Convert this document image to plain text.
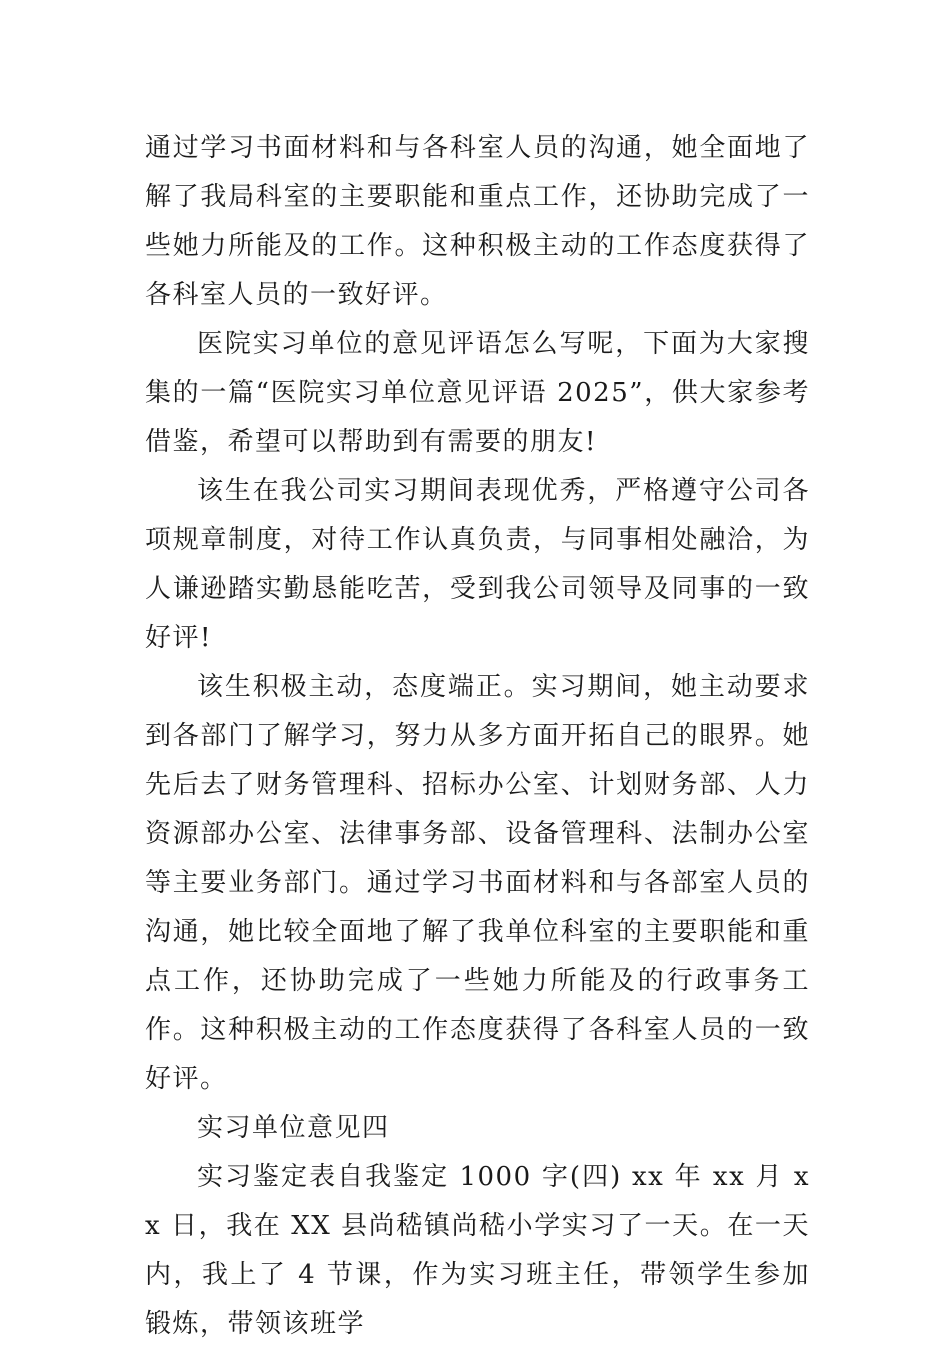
通过学习书面材料和与各科室人员的沟通，她全面地了解了我局科室的主要职能和重点工作，还协助完成了一些她力所能及的工作。这种积极主动的工作态度获得了各科室人员的一致好评。

医院实习单位的意见评语怎么写呢，下面为大家搜集的一篇“医院实习单位意见评语 2025”，供大家参考借鉴，希望可以帮助到有需要的朋友!

该生在我公司实习期间表现优秀，严格遵守公司各项规章制度，对待工作认真负责，与同事相处融洽，为人谦逊踏实勤恳能吃苦，受到我公司领导及同事的一致好评!

该生积极主动，态度端正。实习期间，她主动要求到各部门了解学习，努力从多方面开拓自己的眼界。她先后去了财务管理科、招标办公室、计划财务部、人力资源部办公室、法律事务部、设备管理科、法制办公室等主要业务部门。通过学习书面材料和与各部室人员的沟通，她比较全面地了解了我单位科室的主要职能和重点工作，还协助完成了一些她力所能及的行政事务工作。这种积极主动的工作态度获得了各科室人员的一致好评。

实习单位意见四

实习鉴定表自我鉴定 1000 字(四) xx 年 xx 月 xx 日，我在 XX 县尚嵇镇尚嵇小学实习了一天。在一天内，我上了 4 节课，作为实习班主任，带领学生参加锻炼，带领该班学
